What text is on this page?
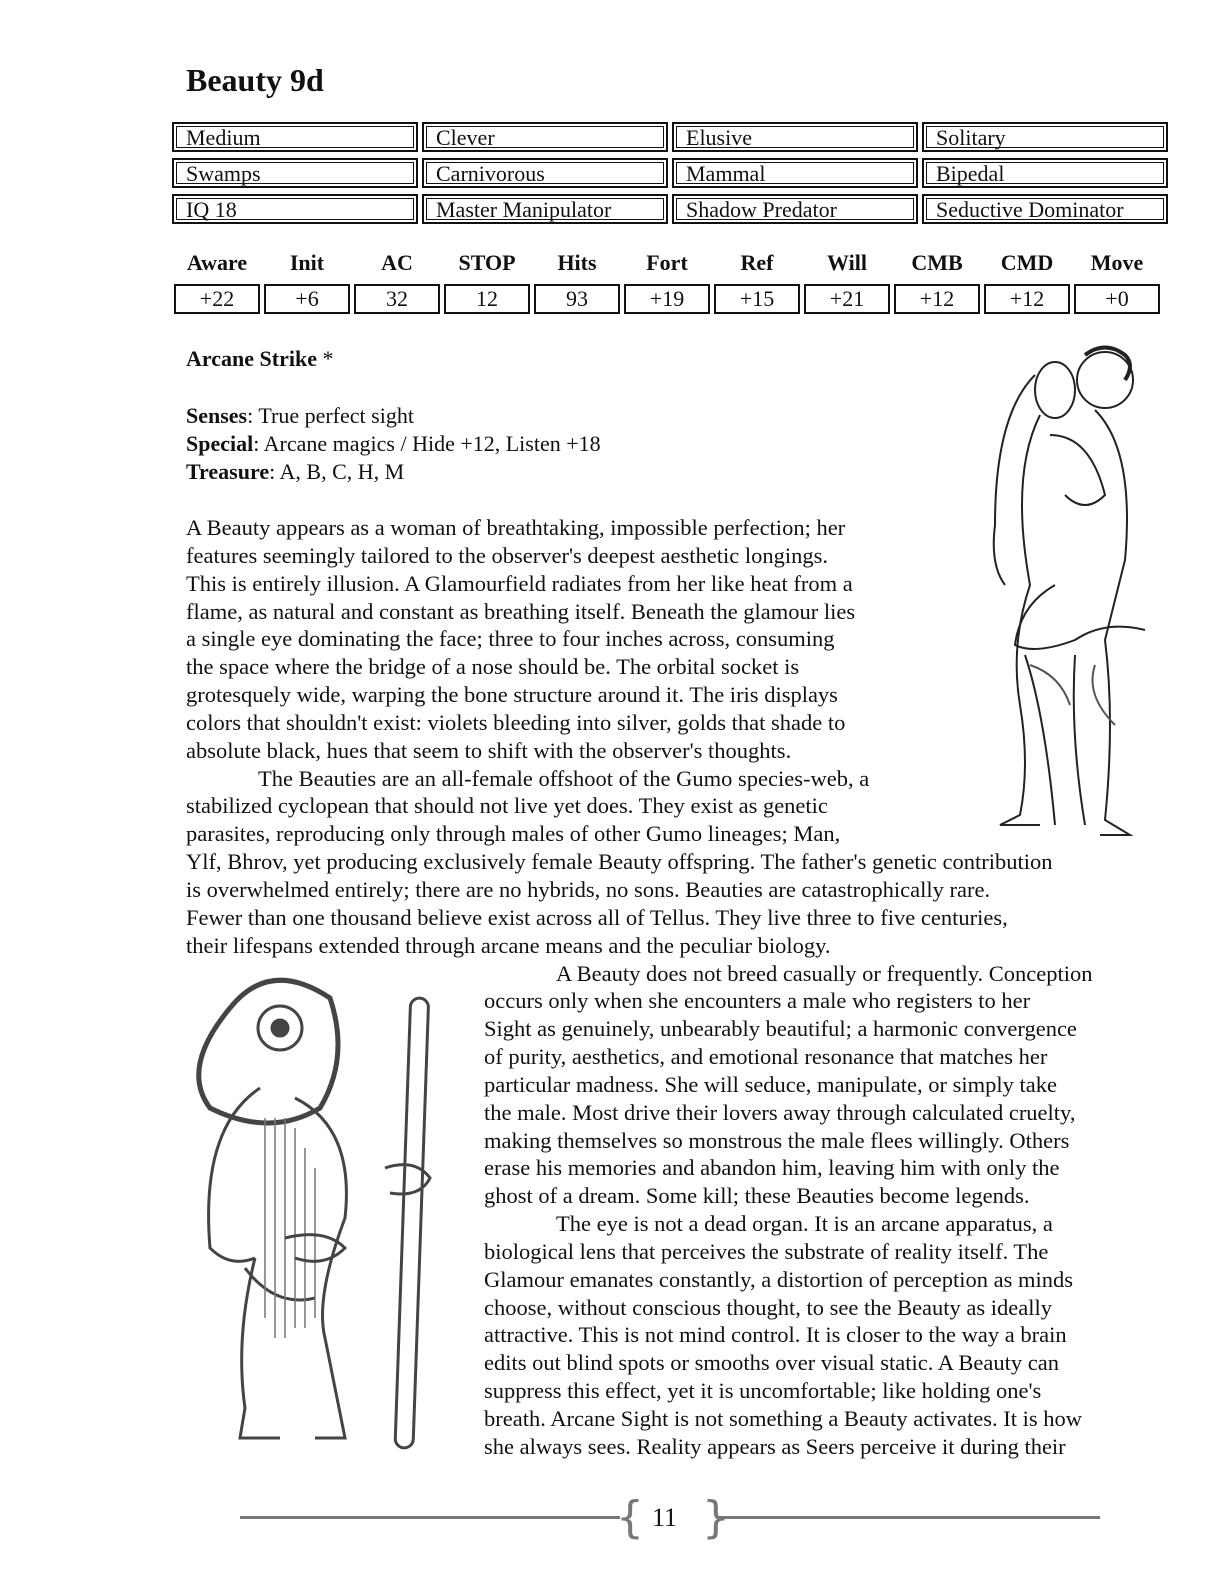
Beauty 9d
Medium	Clever	Elusive	Solitary
Swamps	Carnivorous	Mammal	Bipedal
IQ 18	Master Manipulator	Shadow Predator	Seductive Dominator
Aware	Init	AC	STOP	Hits	Fort	Ref	Will	CMB	CMD	Move
+22	+6	32	12	93	+19	+15	+21	+12	+12	+0
Arcane Strike *
Senses: True perfect sight
Special: Arcane magics / Hide +12, Listen +18
Treasure: A, B, C, H, M
A Beauty appears as a woman of breathtaking, impossible perfection; her
features seemingly tailored to the observer's deepest aesthetic longings.
This is entirely illusion. A Glamourfield radiates from her like heat from a
flame, as natural and constant as breathing itself. Beneath the glamour lies
a single eye dominating the face; three to four inches across, consuming
the space where the bridge of a nose should be. The orbital socket is
grotesquely wide, warping the bone structure around it. The iris displays
colors that shouldn't exist: violets bleeding into silver, golds that shade to
absolute black, hues that seem to shift with the observer's thoughts.
The Beauties are an all-female offshoot of the Gumo species-web, a
stabilized cyclopean that should not live yet does. They exist as genetic
parasites, reproducing only through males of other Gumo lineages; Man,
Ylf, Bhrov, yet producing exclusively female Beauty offspring. The father's genetic contribution
is overwhelmed entirely; there are no hybrids, no sons. Beauties are catastrophically rare.
Fewer than one thousand believe exist across all of Tellus. They live three to five centuries,
their lifespans extended through arcane means and the peculiar biology.
A Beauty does not breed casually or frequently. Conception
occurs only when she encounters a male who registers to her
Sight as genuinely, unbearably beautiful; a harmonic convergence
of purity, aesthetics, and emotional resonance that matches her
particular madness. She will seduce, manipulate, or simply take
the male. Most drive their lovers away through calculated cruelty,
making themselves so monstrous the male flees willingly. Others
erase his memories and abandon him, leaving him with only the
ghost of a dream. Some kill; these Beauties become legends.
The eye is not a dead organ. It is an arcane apparatus, a
biological lens that perceives the substrate of reality itself. The
Glamour emanates constantly, a distortion of perception as minds
choose, without conscious thought, to see the Beauty as ideally
attractive. This is not mind control. It is closer to the way a brain
edits out blind spots or smooths over visual static. A Beauty can
suppress this effect, yet it is uncomfortable; like holding one's
breath. Arcane Sight is not something a Beauty activates. It is how
she always sees. Reality appears as Seers perceive it during their
{ }
11
